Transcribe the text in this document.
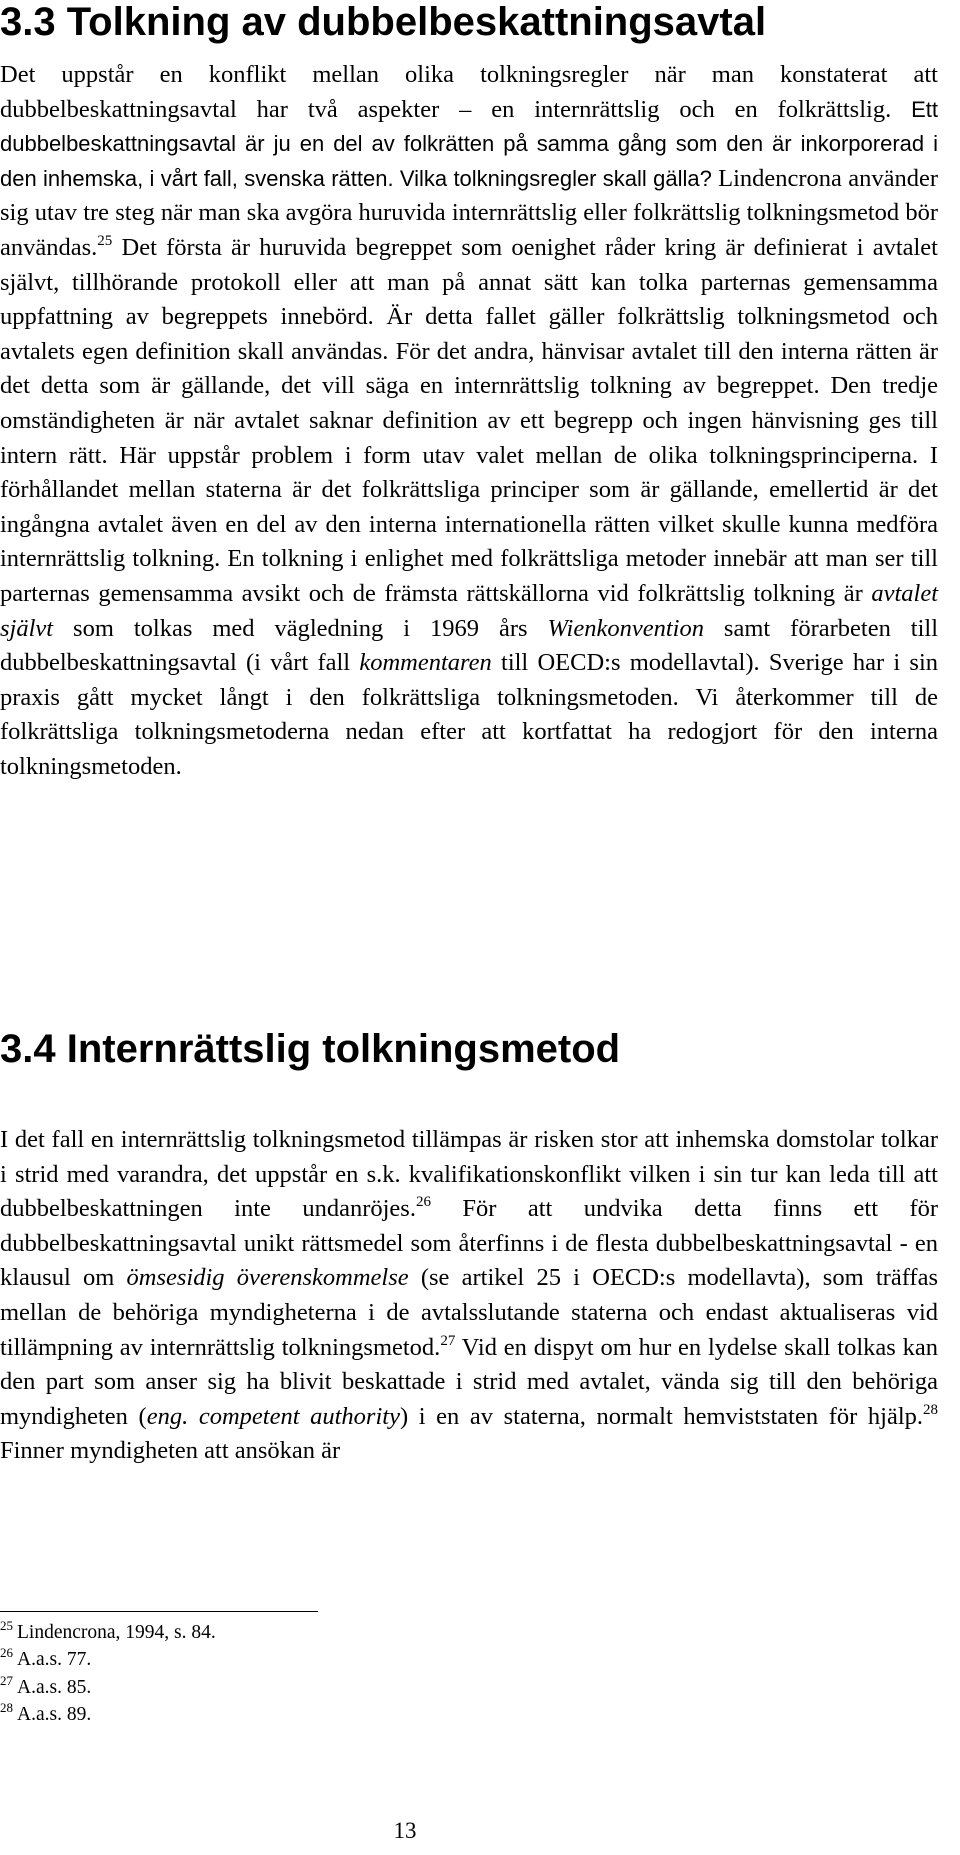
3.3 Tolkning av dubbelbeskattningsavtal

Det uppstår en konflikt mellan olika tolkningsregler när man konstaterat att dubbelbeskattningsavtal har två aspekter – en internrättslig och en folkrättslig. Ett dubbelbeskattningsavtal är ju en del av folkrätten på samma gång som den är inkorporerad i den inhemska, i vårt fall, svenska rätten. Vilka tolkningsregler skall gälla? Lindencrona använder sig utav tre steg när man ska avgöra huruvida internrättslig eller folkrättslig tolkningsmetod bör användas.$^{25}$ Det första är huruvida begreppet som oenighet råder kring är definierat i avtalet självt, tillhörande protokoll eller att man på annat sätt kan tolka parternas gemensamma uppfattning av begreppets innebörd. Är detta fallet gäller folkrättslig tolkningsmetod och avtalets egen definition skall användas. För det andra, hänvisar avtalet till den interna rätten är det detta som är gällande, det vill säga en internrättslig tolkning av begreppet. Den tredje omständigheten är när avtalet saknar definition av ett begrepp och ingen hänvisning ges till intern rätt. Här uppstår problem i form utav valet mellan de olika tolkningsprinciperna. I förhållandet mellan staterna är det folkrättsliga principer som är gällande, emellertid är det ingångna avtalet även en del av den interna internationella rätten vilket skulle kunna medföra internrättslig tolkning. En tolkning i enlighet med folkrättsliga metoder innebär att man ser till parternas gemensamma avsikt och de främsta rättskällorna vid folkrättslig tolkning är avtalet självt som tolkas med vägledning i 1969 års Wienkonvention samt förarbeten till dubbelbeskattningsavtal (i vårt fall kommentaren till OECD:s modellavtal). Sverige har i sin praxis gått mycket långt i den folkrättsliga tolkningsmetoden. Vi återkommer till de folkrättsliga tolkningsmetoderna nedan efter att kortfattat ha redogjort för den interna tolkningsmetoden.

3.4 Internrättslig tolkningsmetod

I det fall en internrättslig tolkningsmetod tillämpas är risken stor att inhemska domstolar tolkar i strid med varandra, det uppstår en s.k. kvalifikationskonflikt vilken i sin tur kan leda till att dubbelbeskattningen inte undanröjes.$^{26}$ För att undvika detta finns ett för dubbelbeskattningsavtal unikt rättsmedel som återfinns i de flesta dubbelbeskattningsavtal - en klausul om ömsesidig överenskommelse (se artikel 25 i OECD:s modellavta), som träffas mellan de behöriga myndigheterna i de avtalsslutande staterna och endast aktualiseras vid tillämpning av internrättslig tolkningsmetod.$^{27}$ Vid en dispyt om hur en lydelse skall tolkas kan den part som anser sig ha blivit beskattade i strid med avtalet, vända sig till den behöriga myndigheten (eng. competent authority) i en av staterna, normalt hemviststaten för hjälp.$^{28}$ Finner myndigheten att ansökan är

$^{25}$ Lindencrona, 1994, s. 84.
$^{26}$ A.a.s. 77.
$^{27}$ A.a.s. 85.
$^{28}$ A.a.s. 89.
13
